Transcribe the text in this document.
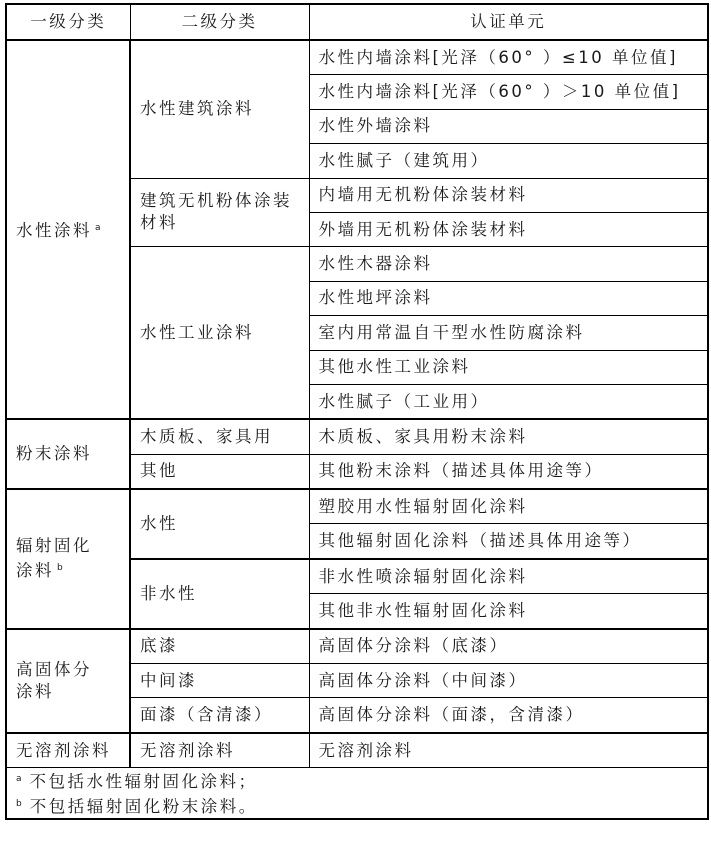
一级分类	二级分类	认证单元
水性涂料 $^a$	水性建筑涂料	水性内墙涂料[光泽（60° ）≤10 单位值]
		水性内墙涂料[光泽（60° ）＞10 单位值]
		水性外墙涂料
		水性腻子（建筑用）
	建筑无机粉体涂装材料	内墙用无机粉体涂装材料
		外墙用无机粉体涂装材料
	水性工业涂料	水性木器涂料
		水性地坪涂料
		室内用常温自干型水性防腐涂料
		其他水性工业涂料
		水性腻子（工业用）
粉末涂料	木质板、家具用	木质板、家具用粉末涂料
	其他	其他粉末涂料（描述具体用途等）
辐射固化
涂料 $^b$	水性	塑胶用水性辐射固化涂料
		其他辐射固化涂料（描述具体用途等）
	非水性	非水性喷涂辐射固化涂料
		其他非水性辐射固化涂料
高固体分
涂料	底漆	高固体分涂料（底漆）
	中间漆	高固体分涂料（中间漆）
	面漆（含清漆）	高固体分涂料（面漆，含清漆）
无溶剂涂料	无溶剂涂料	无溶剂涂料

$^a$ 不包括水性辐射固化涂料；
$^b$ 不包括辐射固化粉末涂料。		
